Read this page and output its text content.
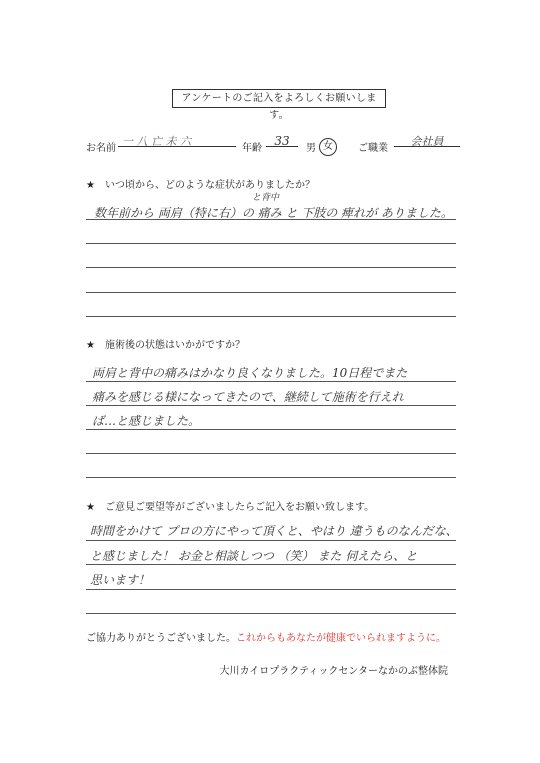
アンケートのご記入をよろしくお願いします。
お名前
一 八 亡 未 六
年齢
33
男 女	ご職業
会社員
★ いつ頃から、どのような症状がありましたか？
と背中
数年前から 両肩（特に右）の 痛み と 下肢の 痺れが ありました。
★ 施術後の状態はいかがですか？
両肩と背中の痛みはかなり良くなりました。10日程でまた
痛みを感じる様になってきたので、継続して施術を行えれ
ば…と感じました。
★ ご意見ご要望等がございましたらご記入をお願い致します。
時間をかけて プロの方にやって頂くと、やはり 違うものなんだな、
と感じました！ お金と相談しつつ （笑） また 伺えたら、と
思います！
ご協力ありがとうございました。これからもあなたが健康でいられますように。
大川カイロプラクティックセンターなかのぶ整体院
